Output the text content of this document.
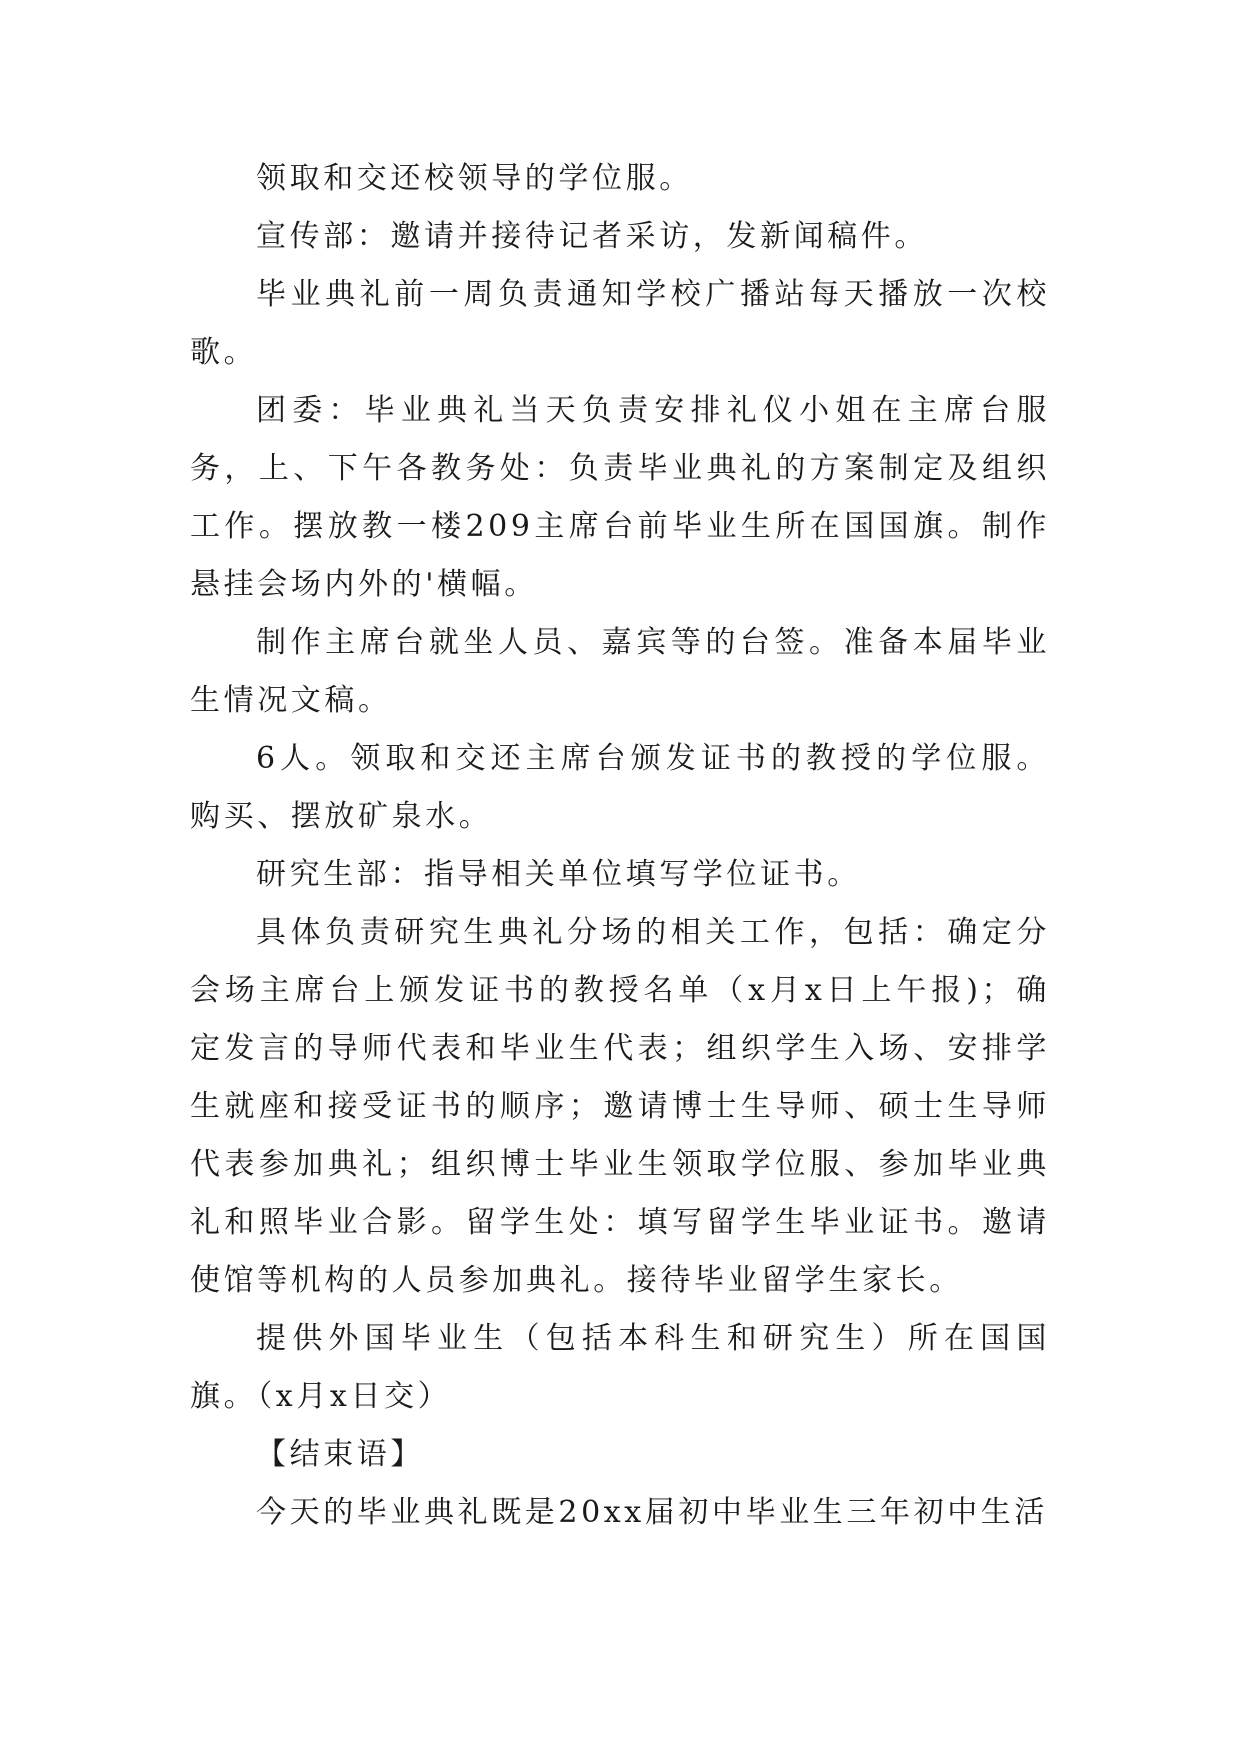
领取和交还校领导的学位服。

宣传部：邀请并接待记者采访，发新闻稿件。

毕业典礼前一周负责通知学校广播站每天播放一次校歌。

团委：毕业典礼当天负责安排礼仪小姐在主席台服务，上、下午各教务处：负责毕业典礼的方案制定及组织工作。摆放教一楼209主席台前毕业生所在国国旗。制作悬挂会场内外的'横幅。

制作主席台就坐人员、嘉宾等的台签。准备本届毕业生情况文稿。

6人。领取和交还主席台颁发证书的教授的学位服。购买、摆放矿泉水。

研究生部：指导相关单位填写学位证书。

具体负责研究生典礼分场的相关工作，包括：确定分会场主席台上颁发证书的教授名单（x月x日上午报)；确定发言的导师代表和毕业生代表；组织学生入场、安排学生就座和接受证书的顺序；邀请博士生导师、硕士生导师代表参加典礼；组织博士毕业生领取学位服、参加毕业典礼和照毕业合影。留学生处：填写留学生毕业证书。邀请使馆等机构的人员参加典礼。接待毕业留学生家长。

提供外国毕业生（包括本科生和研究生）所在国国旗。（x月x日交）

【结束语】

今天的毕业典礼既是20xx届初中毕业生三年初中生活
